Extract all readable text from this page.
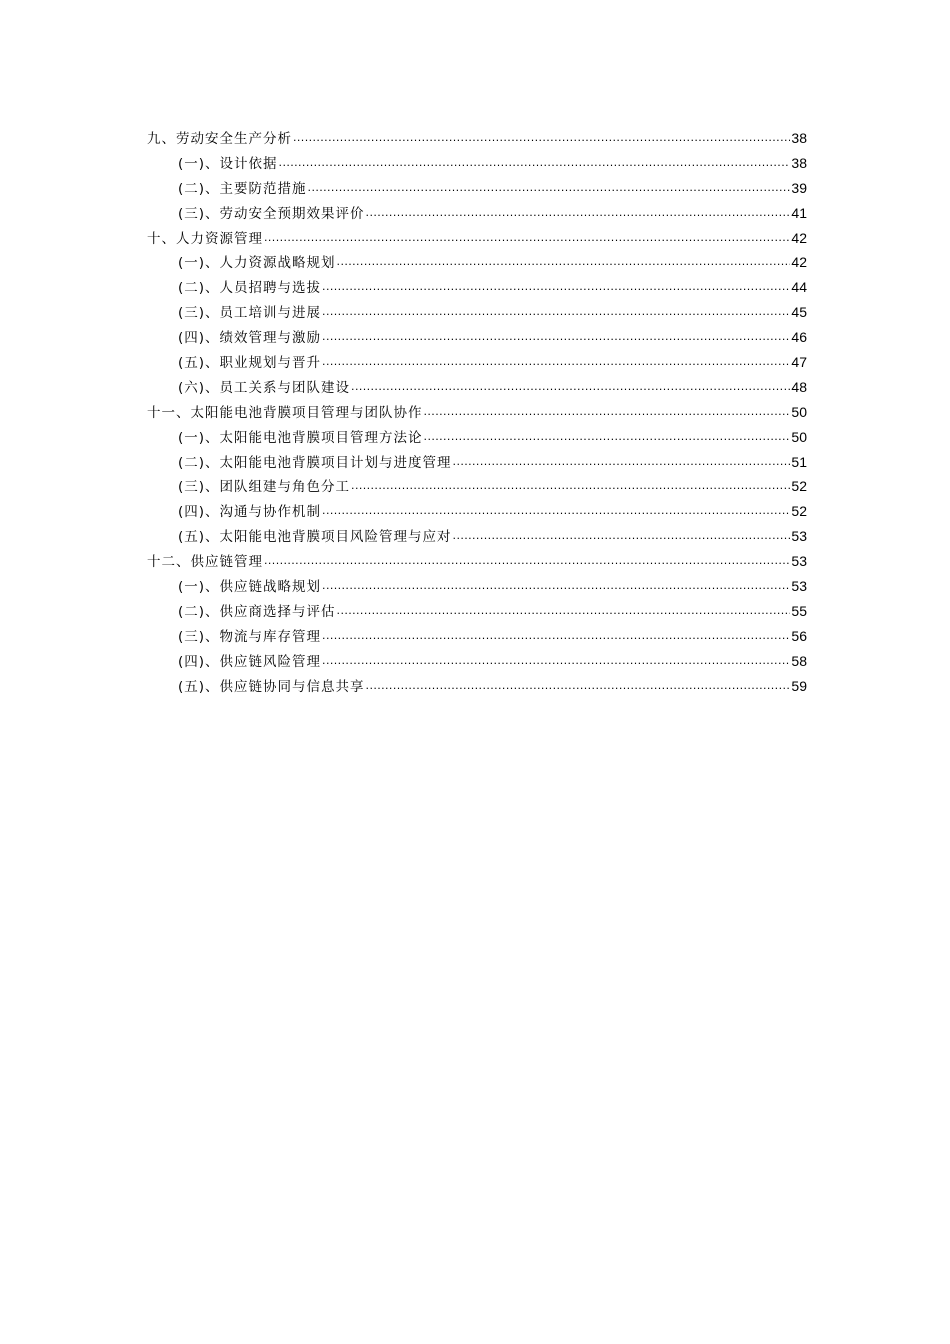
九、劳动安全生产分析 .....	38
(一)、设计依据 .....	38
(二)、主要防范措施 .....	39
(三)、劳动安全预期效果评价 .....	41
十、人力资源管理 .....	42
(一)、人力资源战略规划 .....	42
(二)、人员招聘与选拔 .....	44
(三)、员工培训与进展 .....	45
(四)、绩效管理与激励 .....	46
(五)、职业规划与晋升 .....	47
(六)、员工关系与团队建设 .....	48
十一、太阳能电池背膜项目管理与团队协作 .....	50
(一)、太阳能电池背膜项目管理方法论 .....	50
(二)、太阳能电池背膜项目计划与进度管理 .....	51
(三)、团队组建与角色分工 .....	52
(四)、沟通与协作机制 .....	52
(五)、太阳能电池背膜项目风险管理与应对 .....	53
十二、供应链管理 .....	53
(一)、供应链战略规划 .....	53
(二)、供应商选择与评估 .....	55
(三)、物流与库存管理 .....	56
(四)、供应链风险管理 .....	58
(五)、供应链协同与信息共享 .....	59
